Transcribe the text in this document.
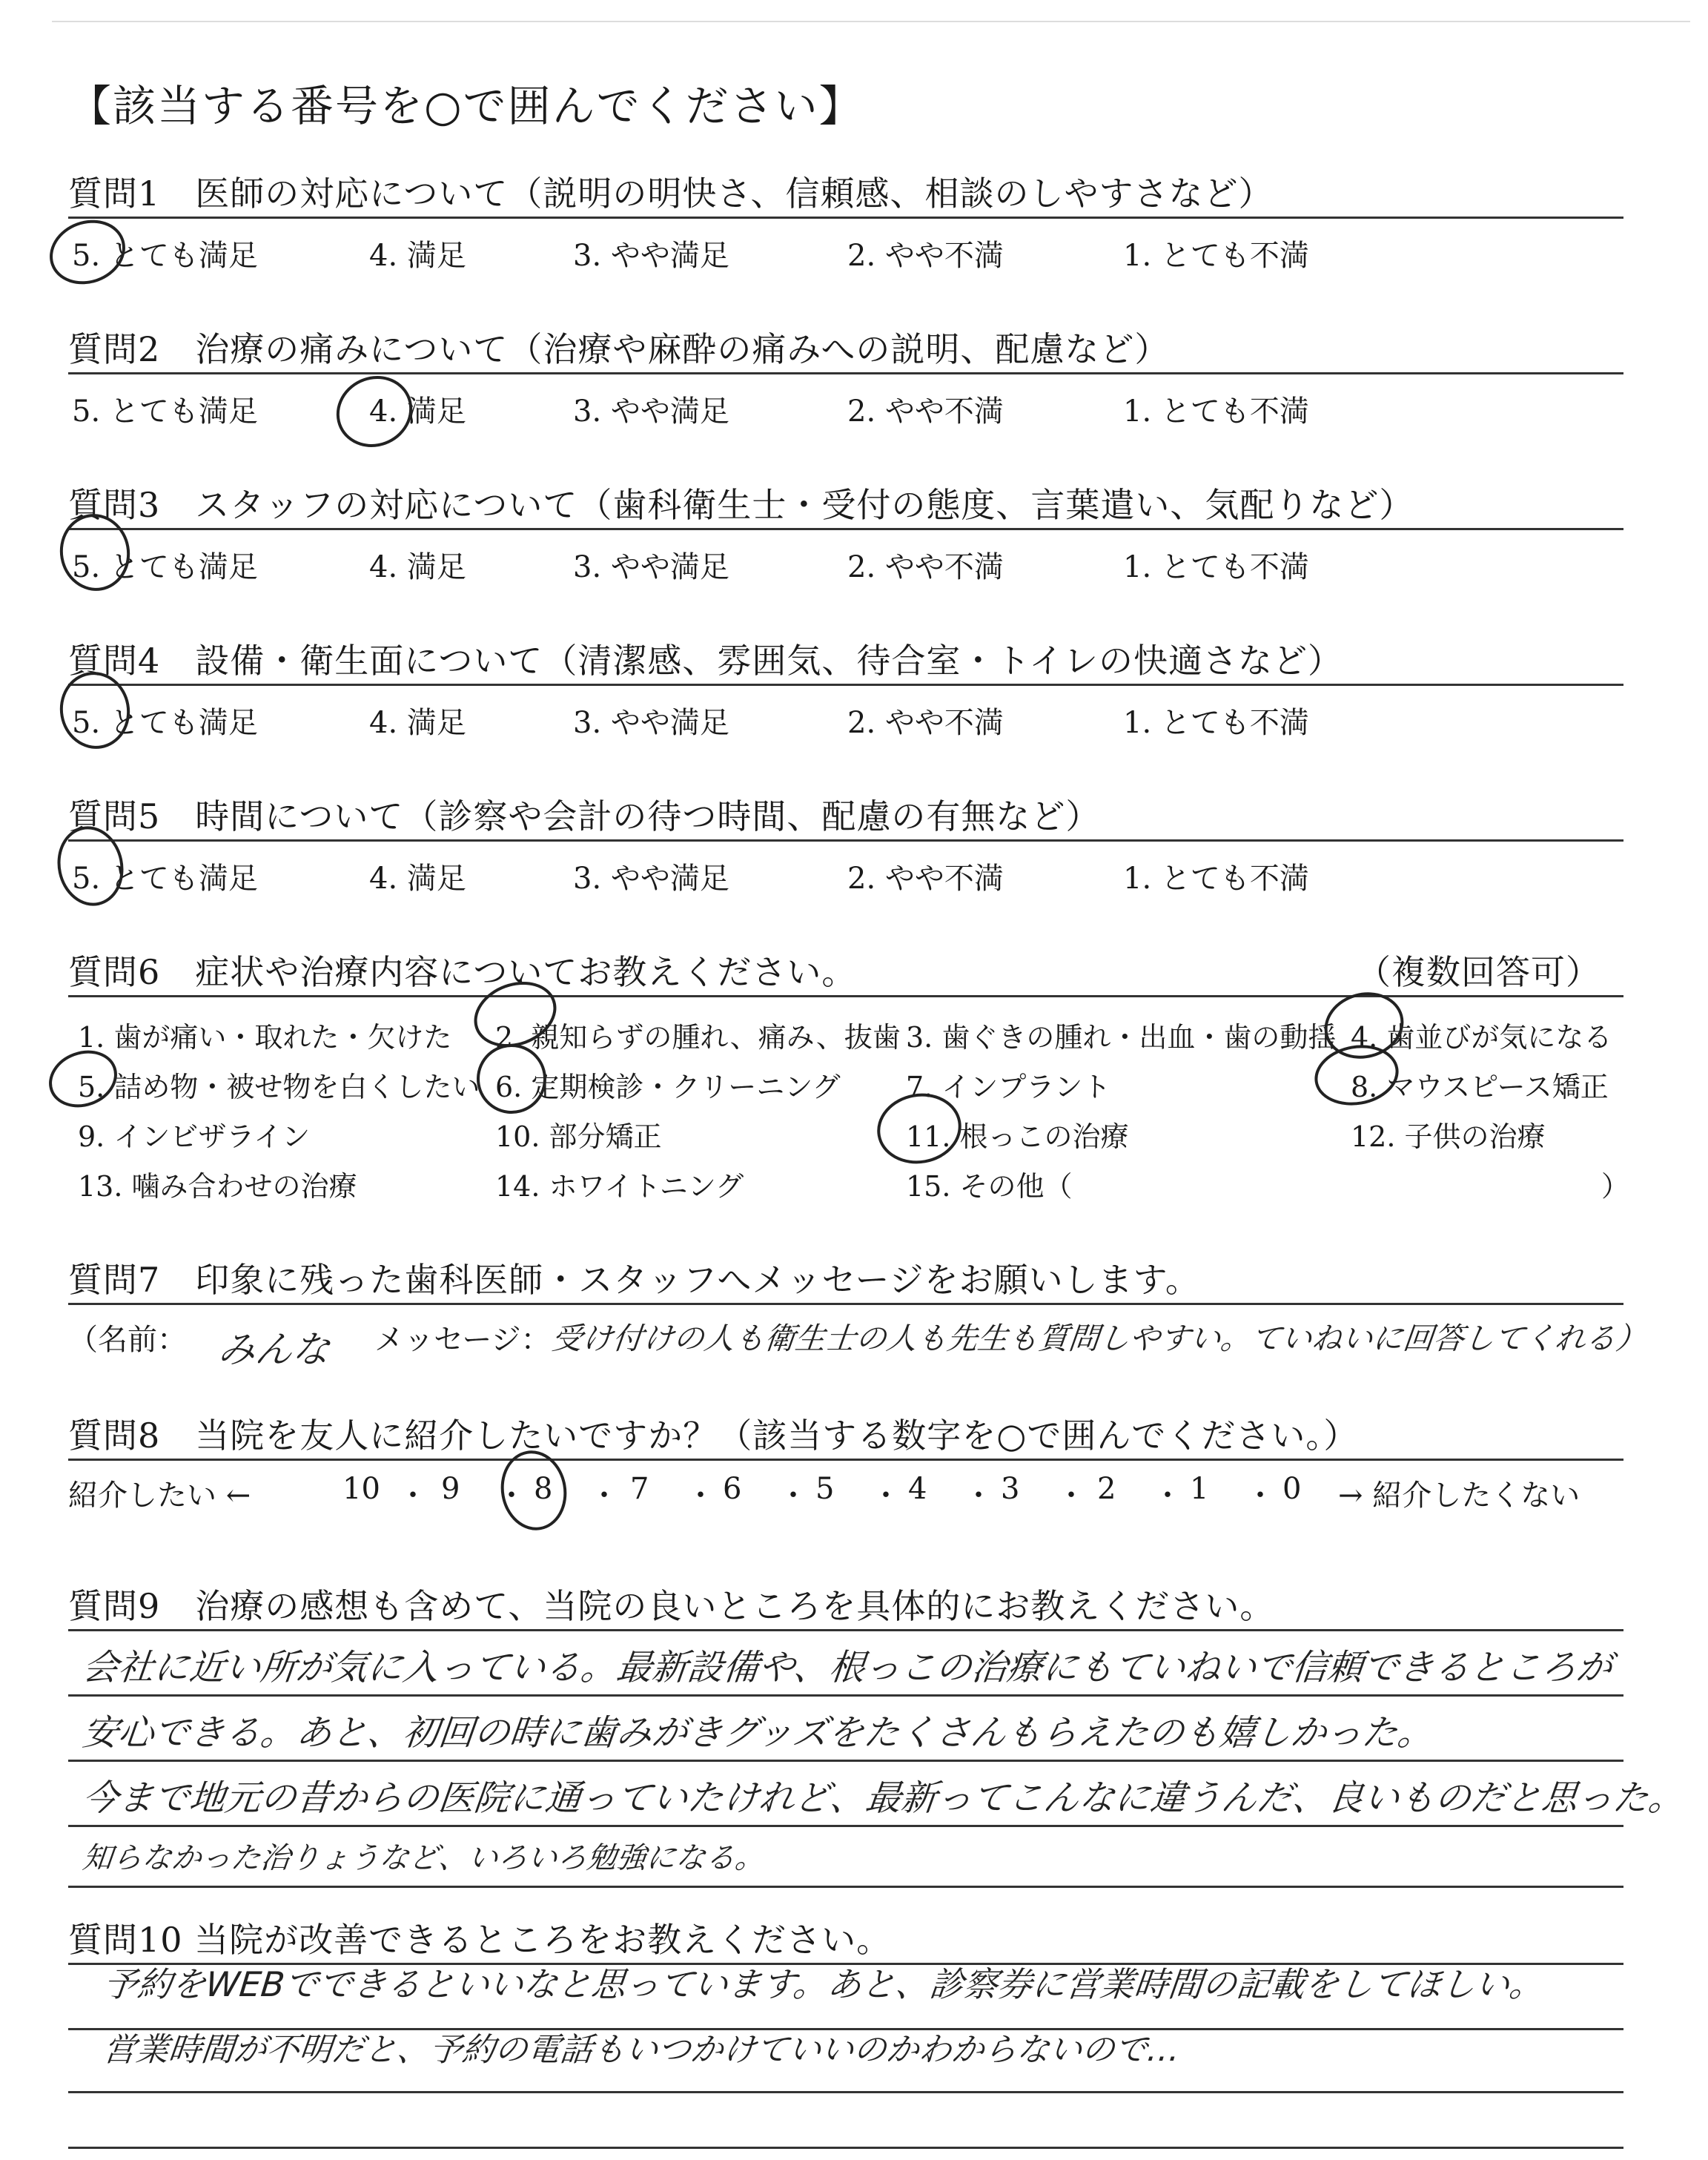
【該当する番号を○で囲んでください】
質問1　医師の対応について（説明の明快さ、信頼感、相談のしやすさなど）
5. とても満足	4. 満足	3. やや満足	2. やや不満	1. とても不満
質問2　治療の痛みについて（治療や麻酔の痛みへの説明、配慮など）
5. とても満足	4. 満足	3. やや満足	2. やや不満	1. とても不満
質問3　スタッフの対応について（歯科衛生士・受付の態度、言葉遣い、気配りなど）
5. とても満足	4. 満足	3. やや満足	2. やや不満	1. とても不満
質問4　設備・衛生面について（清潔感、雰囲気、待合室・トイレの快適さなど）
5. とても満足	4. 満足	3. やや満足	2. やや不満	1. とても不満
質問5　時間について（診察や会計の待つ時間、配慮の有無など）
5. とても満足	4. 満足	3. やや満足	2. やや不満	1. とても不満
質問6　症状や治療内容についてお教えください。	（複数回答可）
1. 歯が痛い・取れた・欠けた 2. 親知らずの腫れ、痛み、抜歯 3. 歯ぐきの腫れ・出血・歯の動揺 4. 歯並びが気になる
5. 詰め物・被せ物を白くしたい 6. 定期検診・クリーニング 7. インプラント	8. マウスピース矯正
9. インビザライン	10. 部分矯正	11. 根っこの治療	12. 子供の治療
13. 噛み合わせの治療	14. ホワイトニング	15. その他（	）
質問7　印象に残った歯科医師・スタッフへメッセージをお願いします。
（名前： みんな メッセージ： 受け付けの人も衛生士の人も先生も質問しやすい。ていねいに回答してくれる）
質問8　当院を友人に紹介したいですか？（該当する数字を○で囲んでください。）
紹介したい ←	10 ・ 9 ・ 8 ・ 7 ・ 6 ・ 5 ・ 4 ・ 3 ・ 2 ・ 1 ・ 0 → 紹介したくない
質問9　治療の感想も含めて、当院の良いところを具体的にお教えください。
会社に近い所が気に入っている。最新設備や、根っこの治療にもていねいで信頼できるところが
安心できる。あと、初回の時に歯みがきグッズをたくさんもらえたのも嬉しかった。
今まで地元の昔からの医院に通っていたけれど、最新ってこんなに違うんだ、良いものだと思った。
知らなかった治りょうなど、いろいろ勉強になる。
質問10 当院が改善できるところをお教えください。
予約をWEBでできるといいなと思っています。あと、診察券に営業時間の記載をしてほしい。
営業時間が不明だと、予約の電話もいつかけていいのかわからないので…
